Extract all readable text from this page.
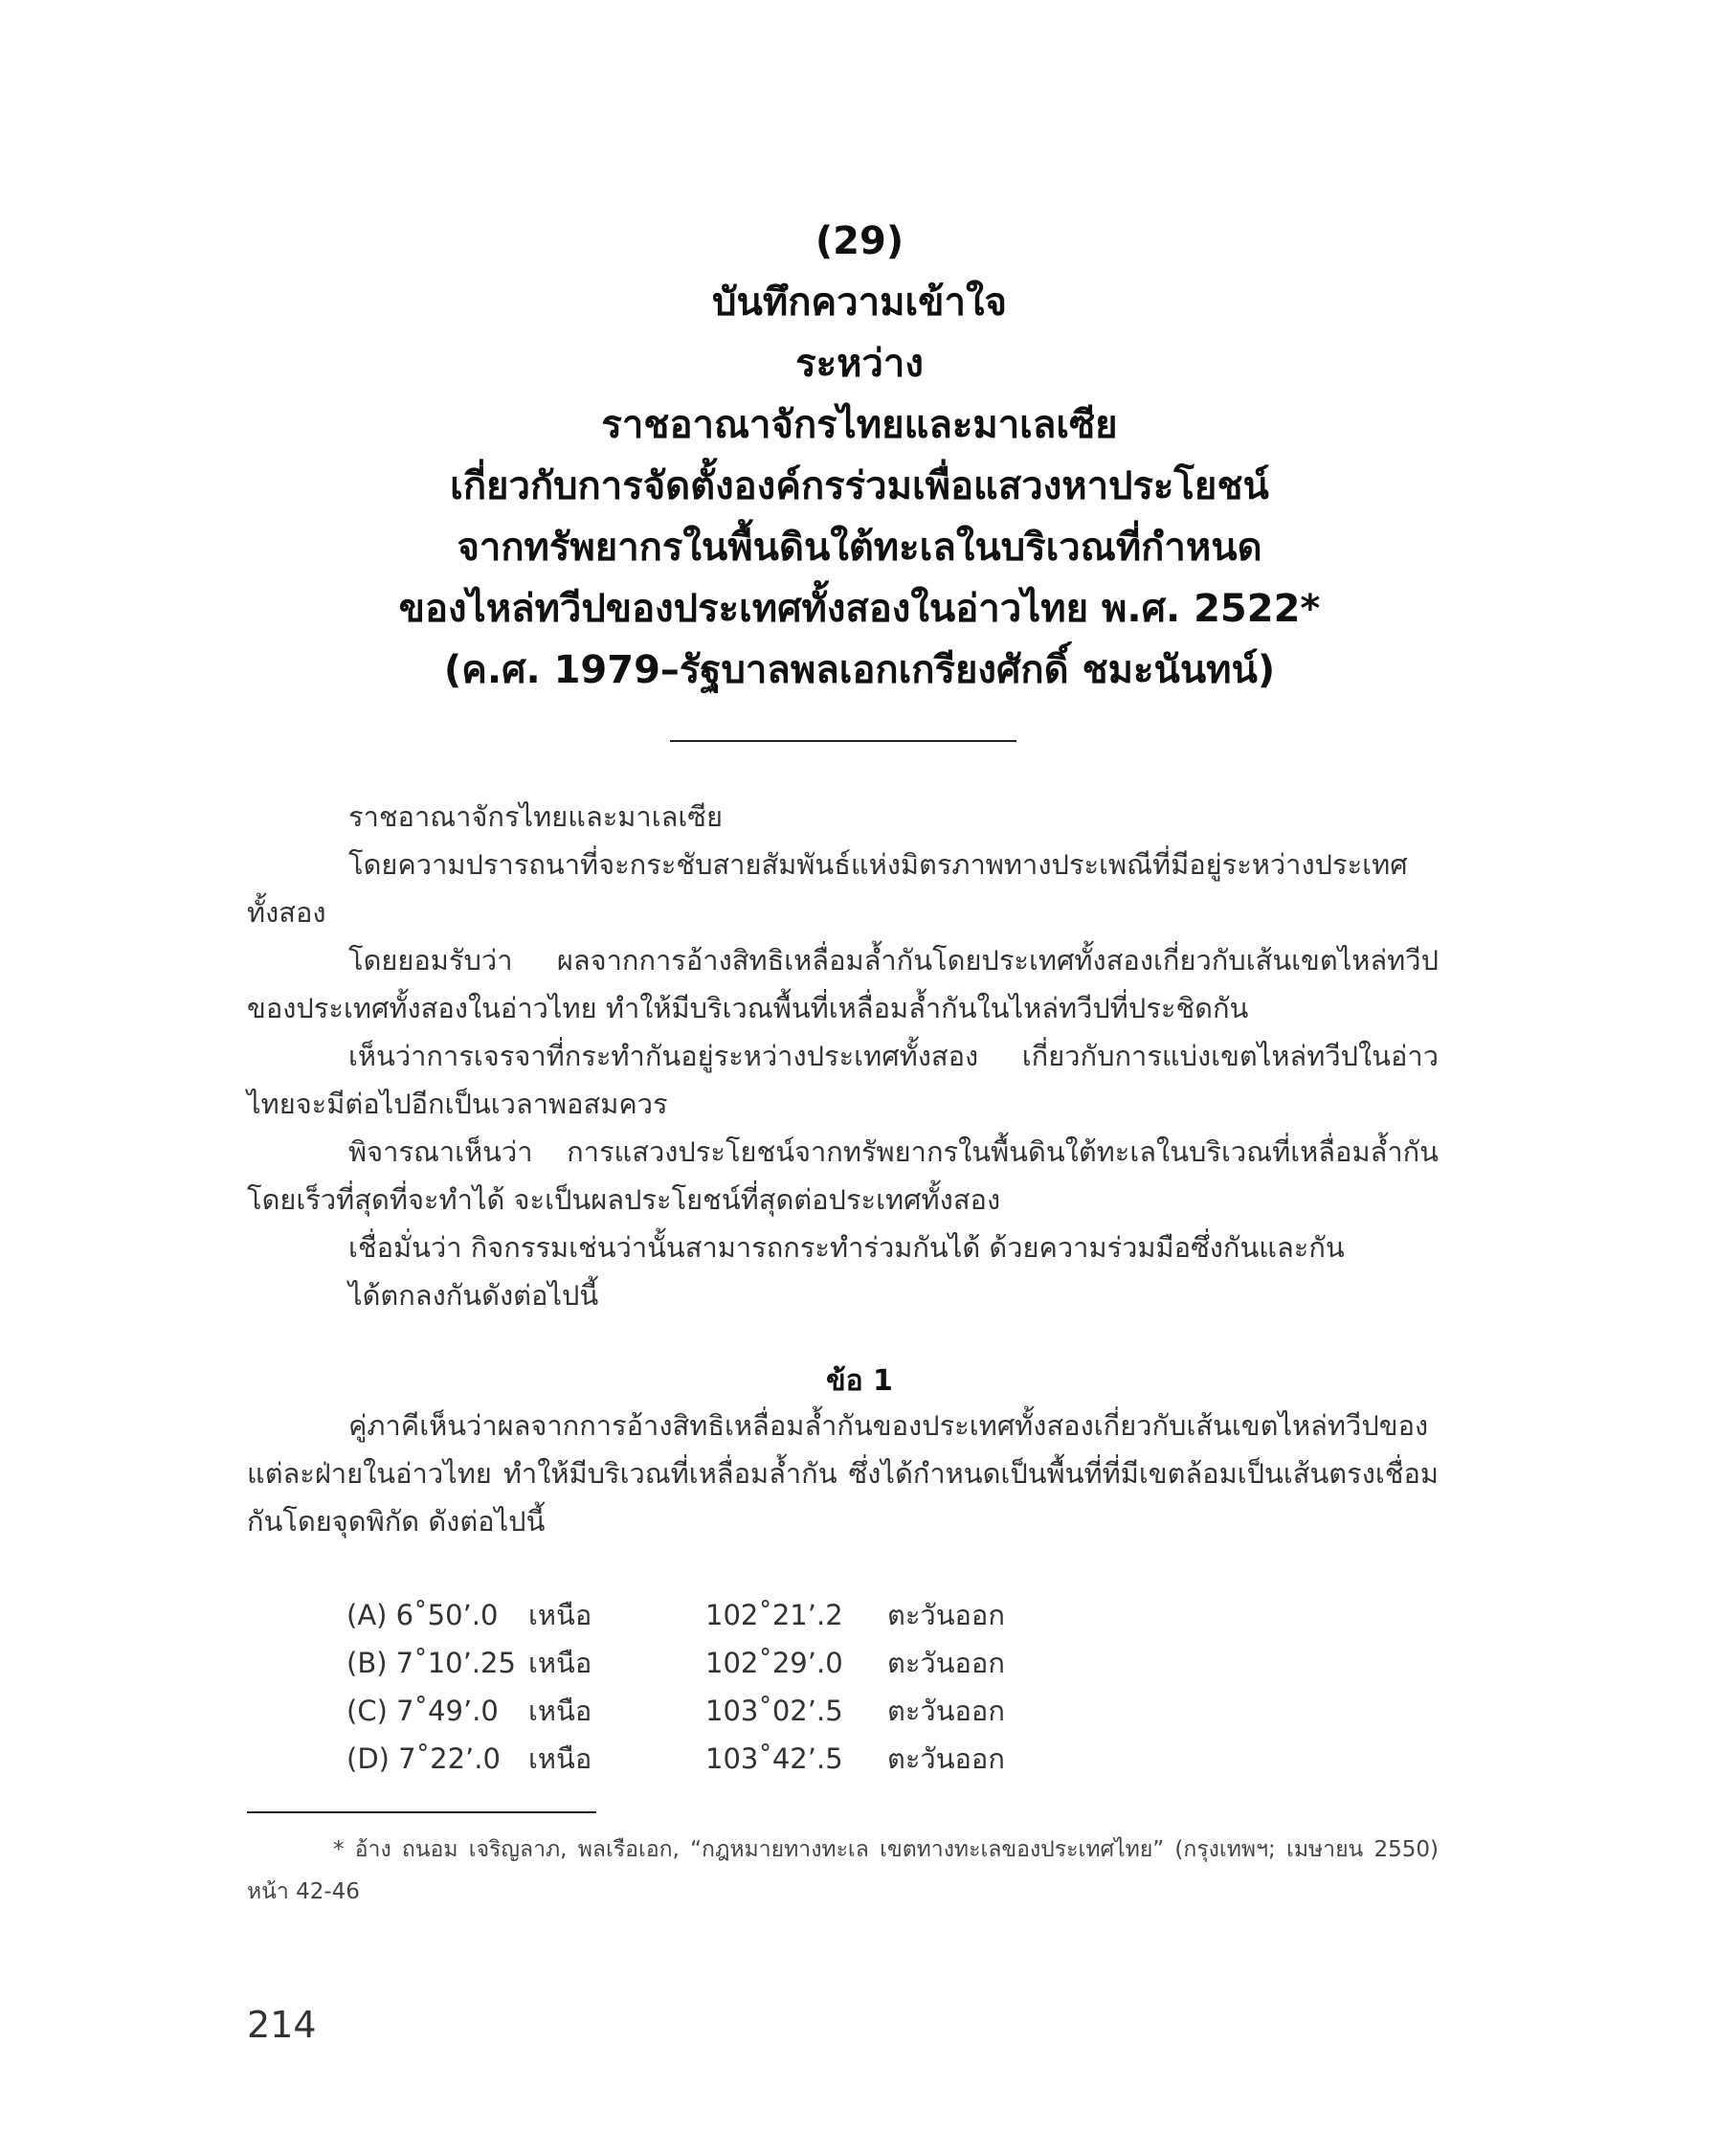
(29)
บันทึกความเข้าใจ
ระหว่าง
ราชอาณาจักรไทยและมาเลเซีย
เกี่ยวกับการจัดตั้งองค์กรร่วมเพื่อแสวงหาประโยชน์
จากทรัพยากรในพื้นดินใต้ทะเลในบริเวณที่กำหนด
ของไหล่ทวีปของประเทศทั้งสองในอ่าวไทย พ.ศ. 2522*
(ค.ศ. 1979–รัฐบาลพลเอกเกรียงศักดิ์ ชมะนันทน์)

ราชอาณาจักรไทยและมาเลเซีย

โดยความปรารถนาที่จะกระชับสายสัมพันธ์แห่งมิตรภาพทางประเพณีที่มีอยู่ระหว่างประเทศทั้งสอง

โดยยอมรับว่า ผลจากการอ้างสิทธิเหลื่อมล้ำกันโดยประเทศทั้งสองเกี่ยวกับเส้นเขตไหล่ทวีปของประเทศทั้งสองในอ่าวไทย ทำให้มีบริเวณพื้นที่เหลื่อมล้ำกันในไหล่ทวีปที่ประชิดกัน

เห็นว่าการเจรจาที่กระทำกันอยู่ระหว่างประเทศทั้งสอง เกี่ยวกับการแบ่งเขตไหล่ทวีปในอ่าวไทยจะมีต่อไปอีกเป็นเวลาพอสมควร

พิจารณาเห็นว่า การแสวงประโยชน์จากทรัพยากรในพื้นดินใต้ทะเลในบริเวณที่เหลื่อมล้ำกันโดยเร็วที่สุดที่จะทำได้ จะเป็นผลประโยชน์ที่สุดต่อประเทศทั้งสอง

เชื่อมั่นว่า กิจกรรมเช่นว่านั้นสามารถกระทำร่วมกันได้ ด้วยความร่วมมือซึ่งกันและกัน

ได้ตกลงกันดังต่อไปนี้

ข้อ 1

คู่ภาคีเห็นว่าผลจากการอ้างสิทธิเหลื่อมล้ำกันของประเทศทั้งสองเกี่ยวกับเส้นเขตไหล่ทวีปของแต่ละฝ่ายในอ่าวไทย ทำให้มีบริเวณที่เหลื่อมล้ำกัน ซึ่งได้กำหนดเป็นพื้นที่ที่มีเขตล้อมเป็นเส้นตรงเชื่อมกันโดยจุดพิกัด ดังต่อไปนี้

(A) 6˚50’.0	เหนือ	102˚21’.2	ตะวันออก
(B) 7˚10’.25 เหนือ	102˚29’.0	ตะวันออก
(C) 7˚49’.0	เหนือ	103˚02’.5	ตะวันออก
(D) 7˚22’.0	เหนือ	103˚42’.5	ตะวันออก

* อ้าง ถนอม เจริญลาภ, พลเรือเอก, “กฎหมายทางทะเล เขตทางทะเลของประเทศไทย” (กรุงเทพฯ; เมษายน 2550) หน้า 42-46

214
